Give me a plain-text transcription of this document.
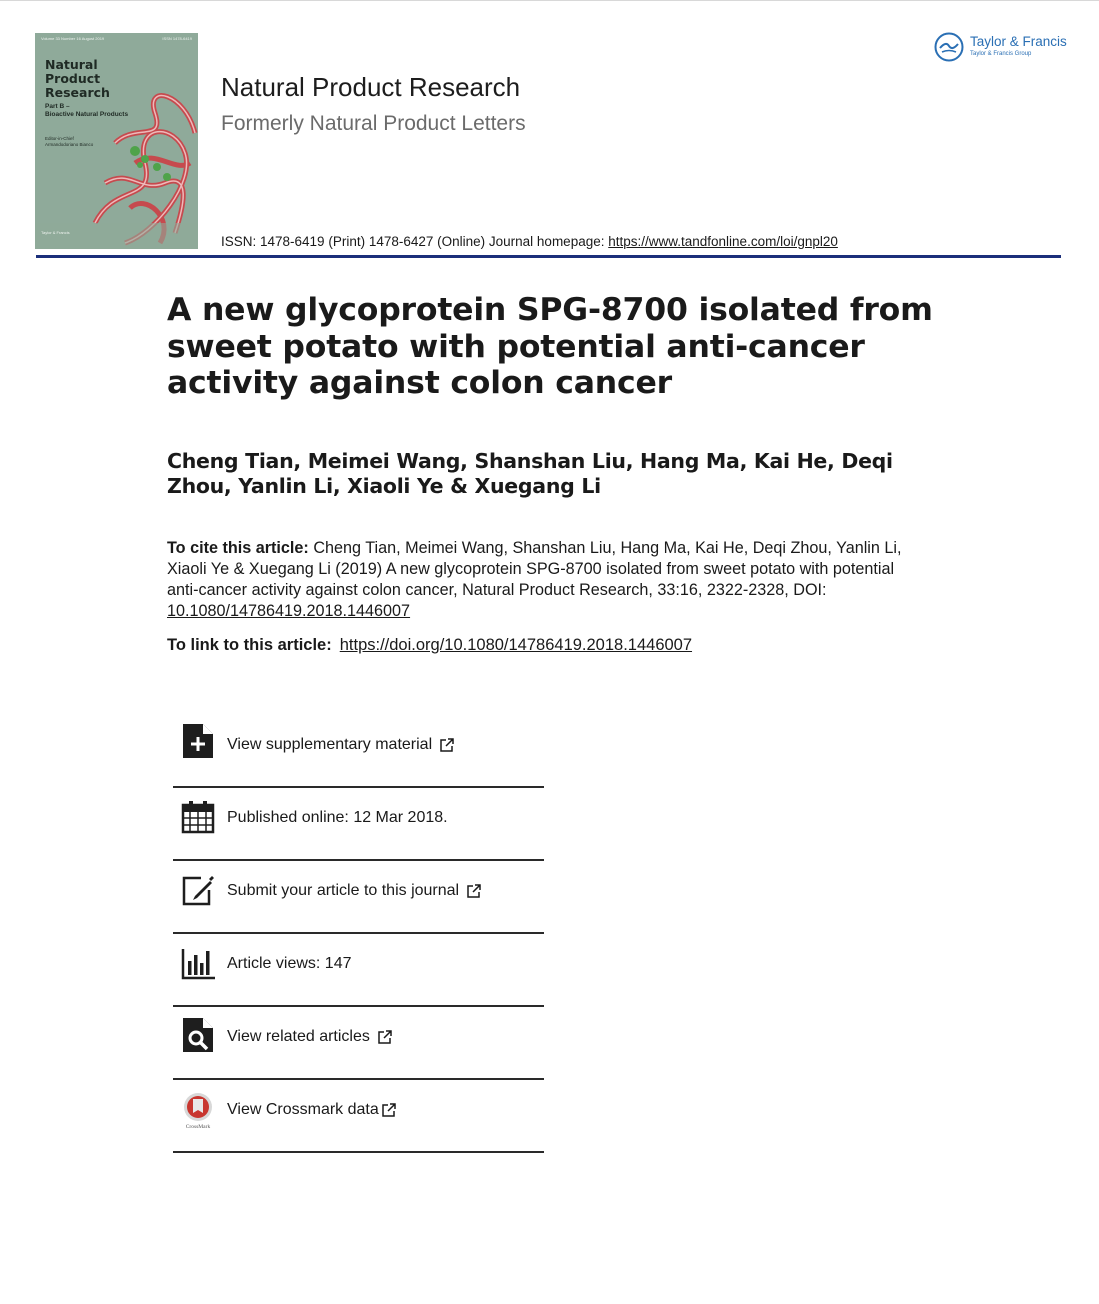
Volume 33 Number 16 August 2019	ISSN 1478-6419
Natural
Product
Research
Part B –
Bioactive Natural Products
Editor-in-Chief
Armandodoriano Bianco
Taylor & Francis
Natural Product Research
Formerly Natural Product Letters
Taylor & Francis
Taylor & Francis Group
ISSN: 1478-6419 (Print) 1478-6427 (Online) Journal homepage: https://www.tandfonline.com/loi/gnpl20
A new glycoprotein SPG-8700 isolated from sweet potato with potential anti-cancer activity against colon cancer
Cheng Tian, Meimei Wang, Shanshan Liu, Hang Ma, Kai He, Deqi Zhou, Yanlin Li, Xiaoli Ye & Xuegang Li
To cite this article: Cheng Tian, Meimei Wang, Shanshan Liu, Hang Ma, Kai He, Deqi Zhou, Yanlin Li, Xiaoli Ye & Xuegang Li (2019) A new glycoprotein SPG-8700 isolated from sweet potato with potential anti-cancer activity against colon cancer, Natural Product Research, 33:16, 2322-2328, DOI: 10.1080/14786419.2018.1446007
To link to this article: https://doi.org/10.1080/14786419.2018.1446007
View supplementary material
Published online: 12 Mar 2018.
Submit your article to this journal
Article views: 147
View related articles
CrossMark
View Crossmark data
